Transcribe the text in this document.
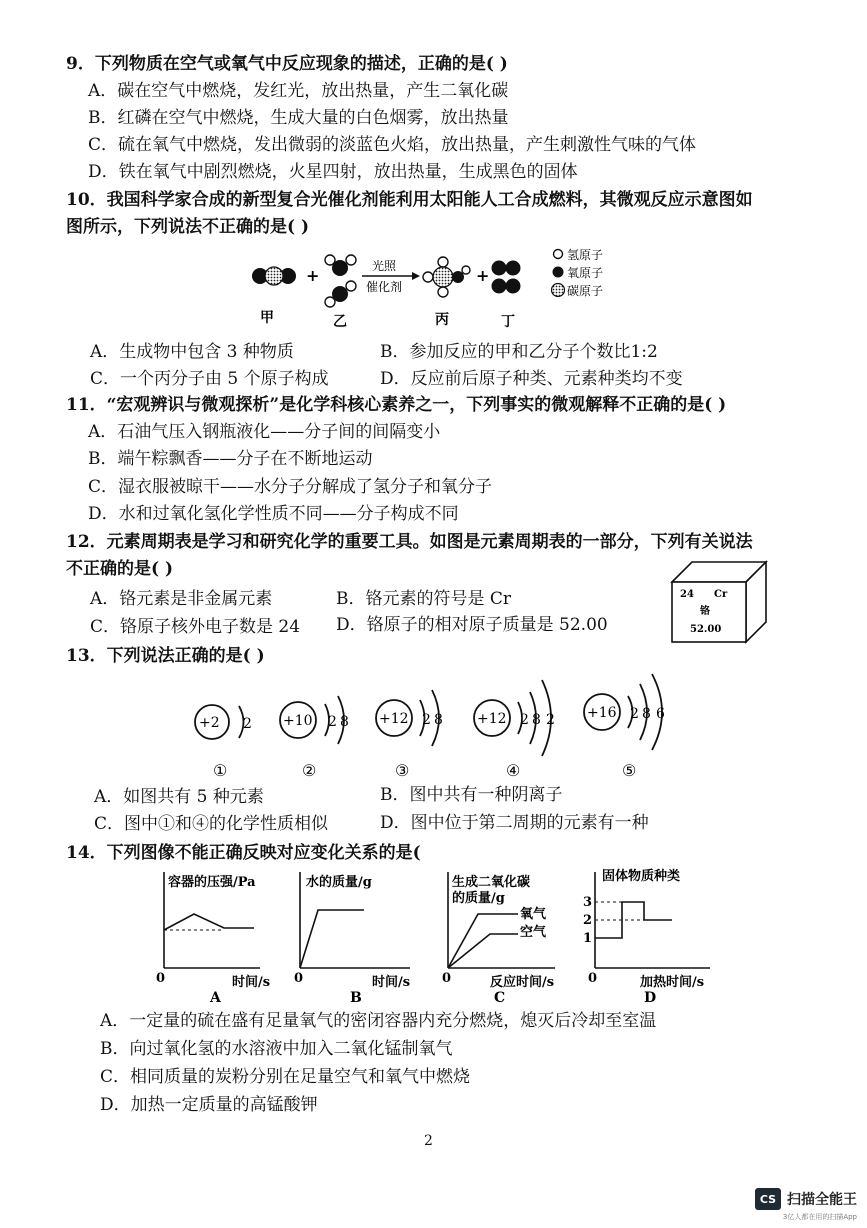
9．下列物质在空气或氧气中反应现象的描述，正确的是( )
A．碳在空气中燃烧，发红光，放出热量，产生二氧化碳
B．红磷在空气中燃烧，生成大量的白色烟雾，放出热量
C．硫在氧气中燃烧，发出微弱的淡蓝色火焰，放出热量，产生刺激性气味的气体
D．铁在氧气中剧烈燃烧，火星四射，放出热量，生成黑色的固体
10．我国科学家合成的新型复合光催化剂能利用太阳能人工合成燃料，其微观反应示意图如
图所示，下列说法不正确的是( )
+	光照
催化剂
+
氢原子
氧原子
碳原子
甲	乙	丙	丁
A．生成物中包含 3 种物质	B．参加反应的甲和乙分子个数比1:2
C．一个丙分子由 5 个原子构成	D．反应前后原子种类、元素种类均不变
11．“宏观辨识与微观探析”是化学科核心素养之一，下列事实的微观解释不正确的是( )
A．石油气压入钢瓶液化——分子间的间隔变小
B．端午粽飘香——分子在不断地运动
C．湿衣服被晾干——水分子分解成了氢分子和氧分子
D．水和过氧化氢化学性质不同——分子构成不同
12．元素周期表是学习和研究化学的重要工具。如图是元素周期表的一部分，下列有关说法
不正确的是( )
A．铬元素是非金属元素	B．铬元素的符号是 Cr
C．铬原子核外电子数是 24 D．铬原子的相对原子质量是 52.00
24 Cr
铬
52.00
13．下列说法正确的是( )
+2 2 +10 2 8 +12 2 8 +12 2 8 2 +16 2 8 6
①	②	③	④	⑤
A．如图共有 5 种元素	B．图中共有一种阴离子
C．图中①和④的化学性质相似	D．图中位于第二周期的元素有一种
14．下列图像不能正确反映对应变化关系的是(
容器的压强/Pa
时间/s
0
A
水的质量/g
时间/s
0
B
生成二氧化碳
的质量/g
氧气
空气
反应时间/s
0
C
固体物质种类
3
2
1
0	加热时间/s
D
A．一定量的硫在盛有足量氧气的密闭容器内充分燃烧，熄灭后冷却至室温
B．向过氧化氢的水溶液中加入二氧化锰制氧气
C．相同质量的炭粉分别在足量空气和氧气中燃烧
D．加热一定质量的高锰酸钾
2
CS 扫描全能王
3亿人都在用的扫描App
